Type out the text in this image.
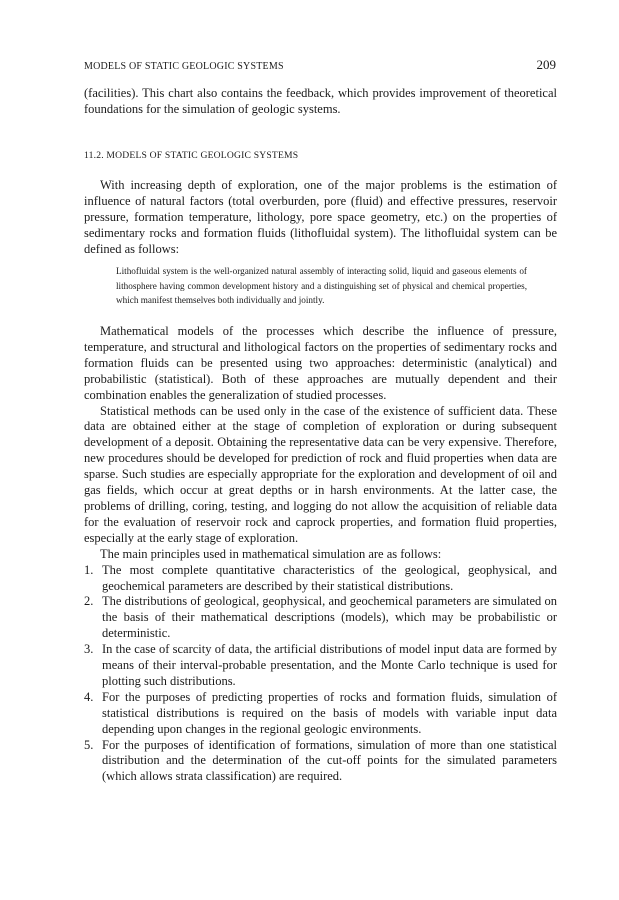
MODELS OF STATIC GEOLOGIC SYSTEMS	209

(facilities). This chart also contains the feedback, which provides improvement of theoretical foundations for the simulation of geologic systems.

11.2. MODELS OF STATIC GEOLOGIC SYSTEMS

With increasing depth of exploration, one of the major problems is the estimation of influence of natural factors (total overburden, pore (fluid) and effective pressures, reservoir pressure, formation temperature, lithology, pore space geometry, etc.) on the properties of sedimentary rocks and formation fluids (lithofluidal system). The lithofluidal system can be defined as follows:

Lithofluidal system is the well-organized natural assembly of interacting solid, liquid and gaseous elements of lithosphere having common development history and a distinguishing set of physical and chemical properties, which manifest themselves both individually and jointly.

Mathematical models of the processes which describe the influence of pressure, temperature, and structural and lithological factors on the properties of sedimentary rocks and formation fluids can be presented using two approaches: deterministic (analytical) and probabilistic (statistical). Both of these approaches are mutually dependent and their combination enables the generalization of studied processes.

Statistical methods can be used only in the case of the existence of sufficient data. These data are obtained either at the stage of completion of exploration or during subsequent development of a deposit. Obtaining the representative data can be very expensive. Therefore, new procedures should be developed for prediction of rock and fluid properties when data are sparse. Such studies are especially appropriate for the exploration and development of oil and gas fields, which occur at great depths or in harsh environments. At the latter case, the problems of drilling, coring, testing, and logging do not allow the acquisition of reliable data for the evaluation of reservoir rock and caprock properties, and formation fluid properties, especially at the early stage of exploration.

The main principles used in mathematical simulation are as follows:

1. The most complete quantitative characteristics of the geological, geophysical, and geochemical parameters are described by their statistical distributions.
2. The distributions of geological, geophysical, and geochemical parameters are simulated on the basis of their mathematical descriptions (models), which may be probabilistic or deterministic.
3. In the case of scarcity of data, the artificial distributions of model input data are formed by means of their interval-probable presentation, and the Monte Carlo technique is used for plotting such distributions.
4. For the purposes of predicting properties of rocks and formation fluids, simulation of statistical distributions is required on the basis of models with variable input data depending upon changes in the regional geologic environments.
5. For the purposes of identification of formations, simulation of more than one statistical distribution and the determination of the cut-off points for the simulated parameters (which allows strata classification) are required.
